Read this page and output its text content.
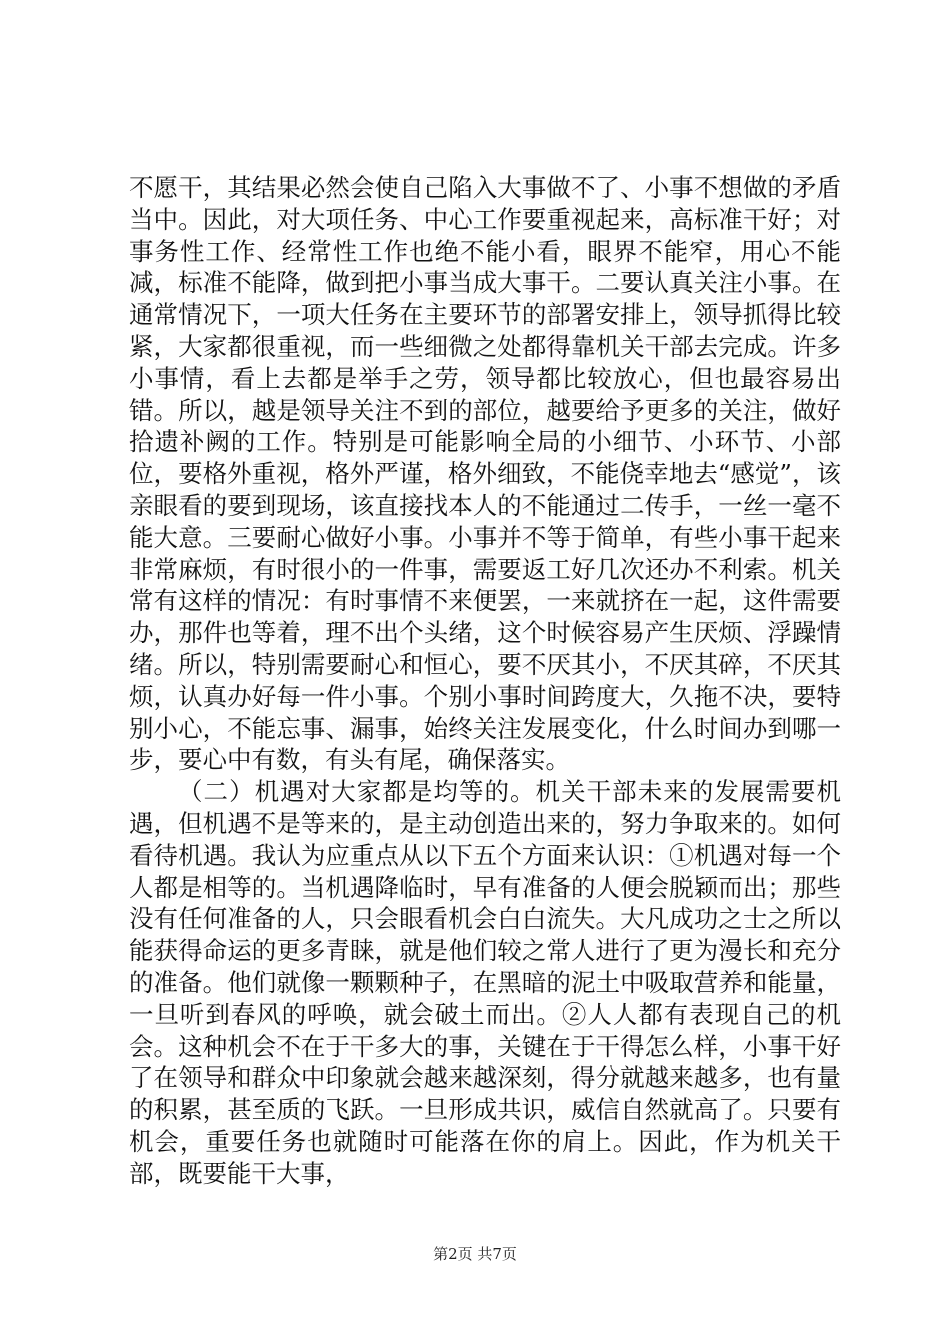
不愿干，其结果必然会使自己陷入大事做不了、小事不想做的矛盾当中。因此，对大项任务、中心工作要重视起来，高标准干好；对事务性工作、经常性工作也绝不能小看，眼界不能窄，用心不能减，标准不能降，做到把小事当成大事干。二要认真关注小事。在通常情况下，一项大任务在主要环节的部署安排上，领导抓得比较紧，大家都很重视，而一些细微之处都得靠机关干部去完成。许多小事情，看上去都是举手之劳，领导都比较放心，但也最容易出错。所以，越是领导关注不到的部位，越要给予更多的关注，做好拾遗补阙的工作。特别是可能影响全局的小细节、小环节、小部位，要格外重视，格外严谨，格外细致，不能侥幸地去“感觉”，该亲眼看的要到现场，该直接找本人的不能通过二传手，一丝一毫不能大意。三要耐心做好小事。小事并不等于简单，有些小事干起来非常麻烦，有时很小的一件事，需要返工好几次还办不利索。机关常有这样的情况：有时事情不来便罢，一来就挤在一起，这件需要办，那件也等着，理不出个头绪，这个时候容易产生厌烦、浮躁情绪。所以，特别需要耐心和恒心，要不厌其小，不厌其碎，不厌其烦，认真办好每一件小事。个别小事时间跨度大，久拖不决，要特别小心，不能忘事、漏事，始终关注发展变化，什么时间办到哪一步，要心中有数，有头有尾，确保落实。

（二）机遇对大家都是均等的。机关干部未来的发展需要机遇，但机遇不是等来的，是主动创造出来的，努力争取来的。如何看待机遇。我认为应重点从以下五个方面来认识：①机遇对每一个人都是相等的。当机遇降临时，早有准备的人便会脱颖而出；那些没有任何准备的人，只会眼看机会白白流失。大凡成功之士之所以能获得命运的更多青睐，就是他们较之常人进行了更为漫长和充分的准备。他们就像一颗颗种子，在黑暗的泥土中吸取营养和能量，一旦听到春风的呼唤，就会破土而出。②人人都有表现自己的机会。这种机会不在于干多大的事，关键在于干得怎么样，小事干好了在领导和群众中印象就会越来越深刻，得分就越来越多，也有量的积累，甚至质的飞跃。一旦形成共识，威信自然就高了。只要有机会，重要任务也就随时可能落在你的肩上。因此，作为机关干部，既要能干大事，

第2页 共7页
